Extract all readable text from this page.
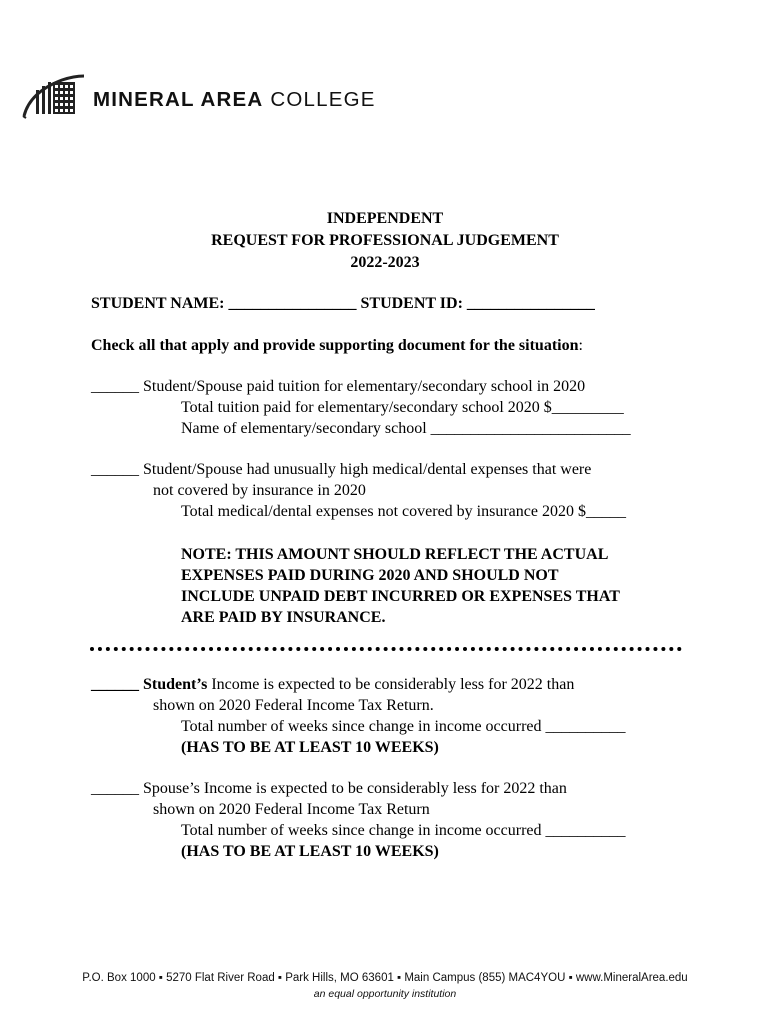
MINERAL AREA COLLEGE
INDEPENDENT
REQUEST FOR PROFESSIONAL JUDGEMENT
2022-2023
STUDENT NAME: ________________ STUDENT ID: ________________
Check all that apply and provide supporting document for the situation:
______ Student/Spouse paid tuition for elementary/secondary school in 2020
Total tuition paid for elementary/secondary school 2020 $_________
Name of elementary/secondary school _________________________
______ Student/Spouse had unusually high medical/dental expenses that were
not covered by insurance in 2020
Total medical/dental expenses not covered by insurance 2020 $_____
NOTE: THIS AMOUNT SHOULD REFLECT THE ACTUAL
EXPENSES PAID DURING 2020 AND SHOULD NOT
INCLUDE UNPAID DEBT INCURRED OR EXPENSES THAT
ARE PAID BY INSURANCE.
______ Student’s Income is expected to be considerably less for 2022 than
shown on 2020 Federal Income Tax Return.
Total number of weeks since change in income occurred __________
(HAS TO BE AT LEAST 10 WEEKS)
______ Spouse’s Income is expected to be considerably less for 2022 than
shown on 2020 Federal Income Tax Return
Total number of weeks since change in income occurred __________
(HAS TO BE AT LEAST 10 WEEKS)
P.O. Box 1000 ▪ 5270 Flat River Road ▪ Park Hills, MO 63601 ▪ Main Campus (855) MAC4YOU ▪ www.MineralArea.edu
an equal opportunity institution
